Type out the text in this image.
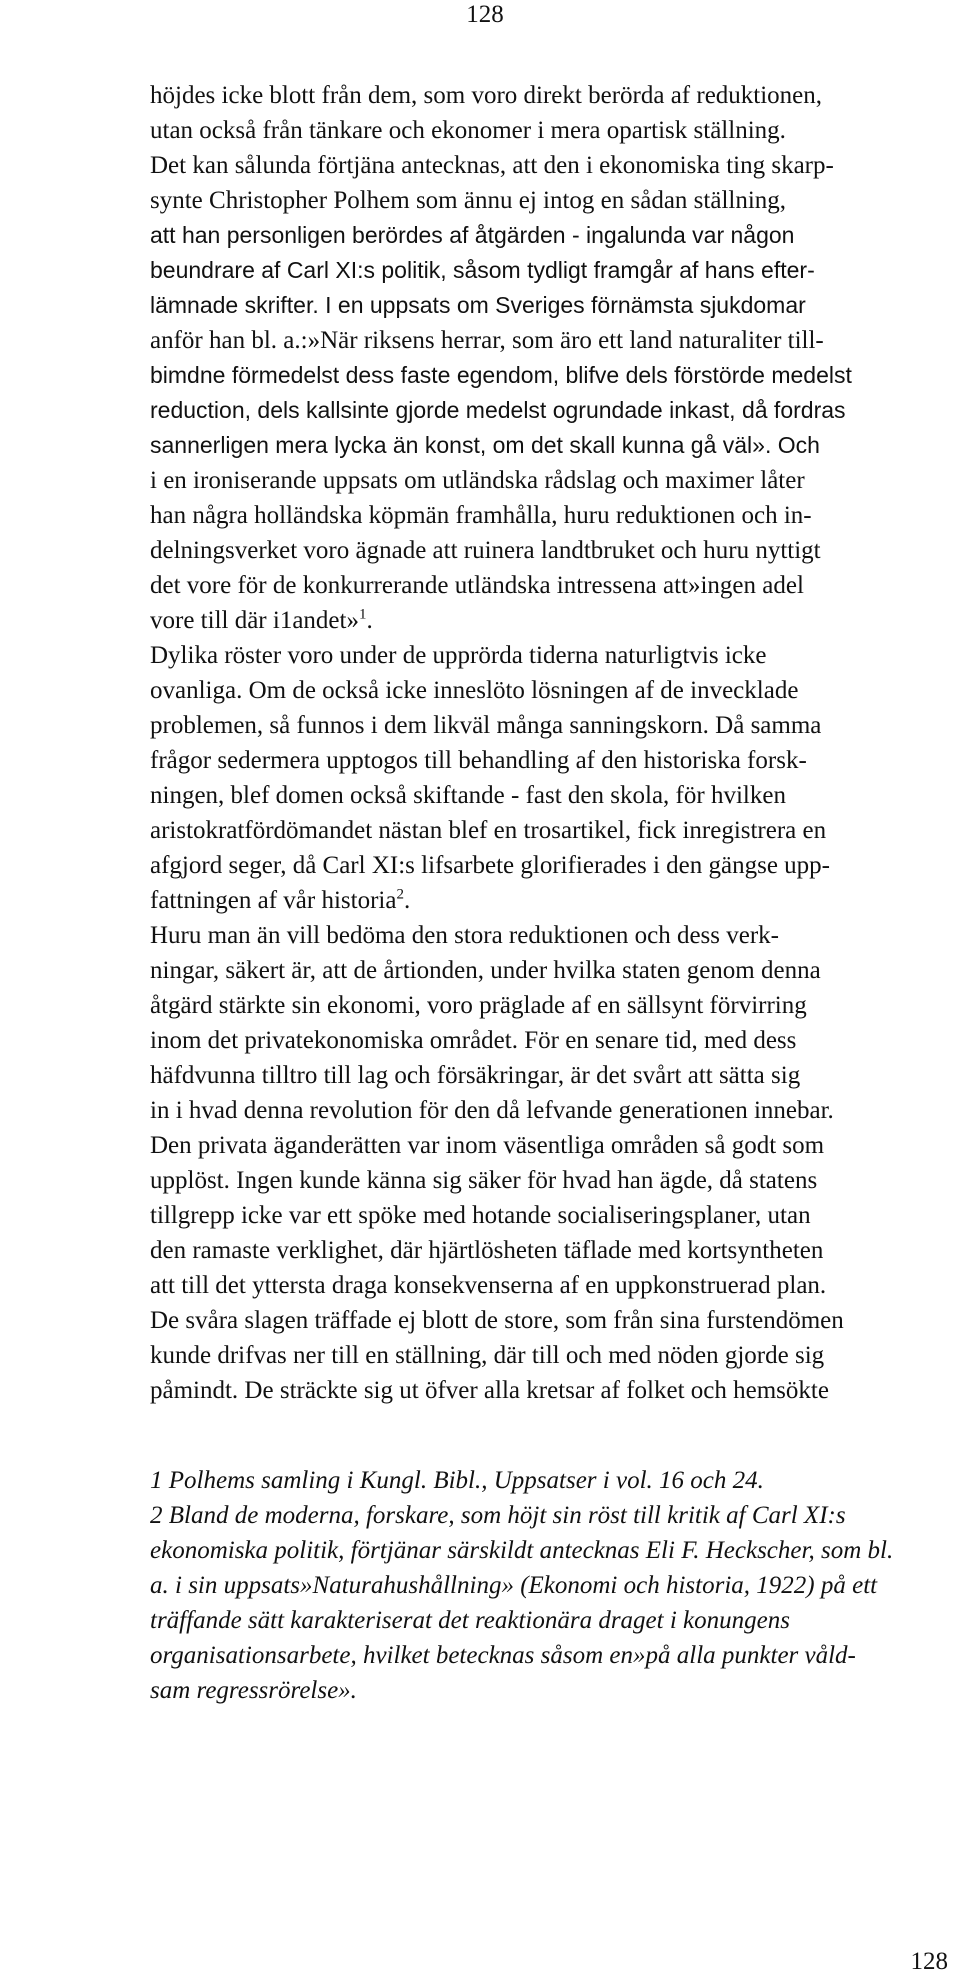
128
höjdes icke blott från dem, som voro direkt berörda af reduktionen,
utan också från tänkare och ekonomer i mera opartisk ställning.
Det kan sålunda förtjäna antecknas, att den i ekonomiska ting skarp-
synte Christopher Polhem som ännu ej intog en sådan ställning,
att han personligen berördes af åtgärden - ingalunda var någon
beundrare af Carl XI:s politik, såsom tydligt framgår af hans efter-
lämnade skrifter. I en uppsats om Sveriges förnämsta sjukdomar
anför han bl. a.:»När riksens herrar, som äro ett land naturaliter till-
bimdne förmedelst dess faste egendom, blifve dels förstörde medelst
reduction, dels kallsinte gjorde medelst ogrundade inkast, då fordras
sannerligen mera lycka än konst, om det skall kunna gå väl». Och
i en ironiserande uppsats om utländska rådslag och maximer låter
han några holländska köpmän framhålla, huru reduktionen och in-
delningsverket voro ägnade att ruinera landtbruket och huru nyttigt
det vore för de konkurrerande utländska intressena att»ingen adel
vore till där i1andet»$^1$.
Dylika röster voro under de upprörda tiderna naturligtvis icke
ovanliga. Om de också icke inneslöto lösningen af de invecklade
problemen, så funnos i dem likväl många sanningskorn. Då samma
frågor sedermera upptogos till behandling af den historiska forsk-
ningen, blef domen också skiftande - fast den skola, för hvilken
aristokratfördömandet nästan blef en trosartikel, fick inregistrera en
afgjord seger, då Carl XI:s lifsarbete glorifierades i den gängse upp-
fattningen af vår historia$^2$.
Huru man än vill bedöma den stora reduktionen och dess verk-
ningar, säkert är, att de årtionden, under hvilka staten genom denna
åtgärd stärkte sin ekonomi, voro präglade af en sällsynt förvirring
inom det privatekonomiska området. För en senare tid, med dess
häfdvunna tilltro till lag och försäkringar, är det svårt att sätta sig
in i hvad denna revolution för den då lefvande generationen innebar.
Den privata äganderätten var inom väsentliga områden så godt som
upplöst. Ingen kunde känna sig säker för hvad han ägde, då statens
tillgrepp icke var ett spöke med hotande socialiseringsplaner, utan
den ramaste verklighet, där hjärtlösheten täflade med kortsyntheten
att till det yttersta draga konsekvenserna af en uppkonstruerad plan.
De svåra slagen träffade ej blott de store, som från sina furstendömen
kunde drifvas ner till en ställning, där till och med nöden gjorde sig
påmindt. De sträckte sig ut öfver alla kretsar af folket och hemsökte
1 Polhems samling i Kungl. Bibl., Uppsatser i vol. 16 och 24.
2 Bland de moderna, forskare, som höjt sin röst till kritik af Carl XI:s
ekonomiska politik, förtjänar särskildt antecknas Eli F. Heckscher, som bl.
a. i sin uppsats»Naturahushållning» (Ekonomi och historia, 1922) på ett
träffande sätt karakteriserat det reaktionära draget i konungens
organisationsarbete, hvilket betecknas såsom en»på alla punkter våld-
sam regressrörelse».
128
